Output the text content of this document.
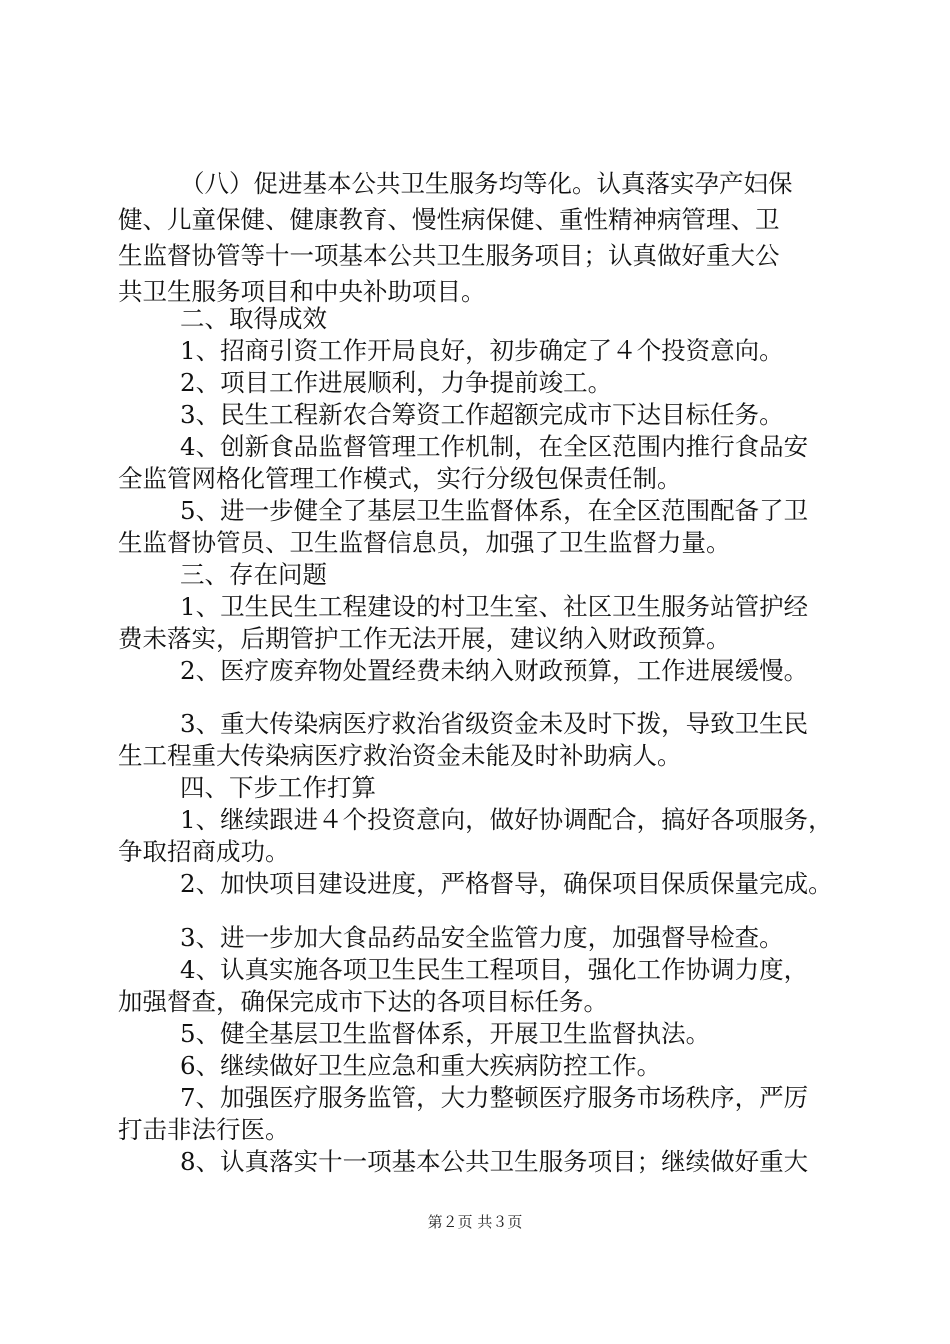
（八）促进基本公共卫生服务均等化。认真落实孕产妇保
健、儿童保健、健康教育、慢性病保健、重性精神病管理、卫
生监督协管等十一项基本公共卫生服务项目；认真做好重大公
共卫生服务项目和中央补助项目。
二、取得成效
1、招商引资工作开局良好，初步确定了４个投资意向。
2、项目工作进展顺利，力争提前竣工。
3、民生工程新农合筹资工作超额完成市下达目标任务。
4、创新食品监督管理工作机制，在全区范围内推行食品安
全监管网格化管理工作模式，实行分级包保责任制。
5、进一步健全了基层卫生监督体系，在全区范围配备了卫
生监督协管员、卫生监督信息员，加强了卫生监督力量。
三、存在问题
1、卫生民生工程建设的村卫生室、社区卫生服务站管护经
费未落实，后期管护工作无法开展，建议纳入财政预算。
2、医疗废弃物处置经费未纳入财政预算，工作进展缓慢。
3、重大传染病医疗救治省级资金未及时下拨，导致卫生民
生工程重大传染病医疗救治资金未能及时补助病人。
四、下步工作打算
1、继续跟进４个投资意向，做好协调配合，搞好各项服务，
争取招商成功。
2、加快项目建设进度，严格督导，确保项目保质保量完成。
3、进一步加大食品药品安全监管力度，加强督导检查。
4、认真实施各项卫生民生工程项目，强化工作协调力度，
加强督查，确保完成市下达的各项目标任务。
5、健全基层卫生监督体系，开展卫生监督执法。
6、继续做好卫生应急和重大疾病防控工作。
7、加强医疗服务监管，大力整顿医疗服务市场秩序，严厉
打击非法行医。
8、认真落实十一项基本公共卫生服务项目；继续做好重大
第２页 共３页
